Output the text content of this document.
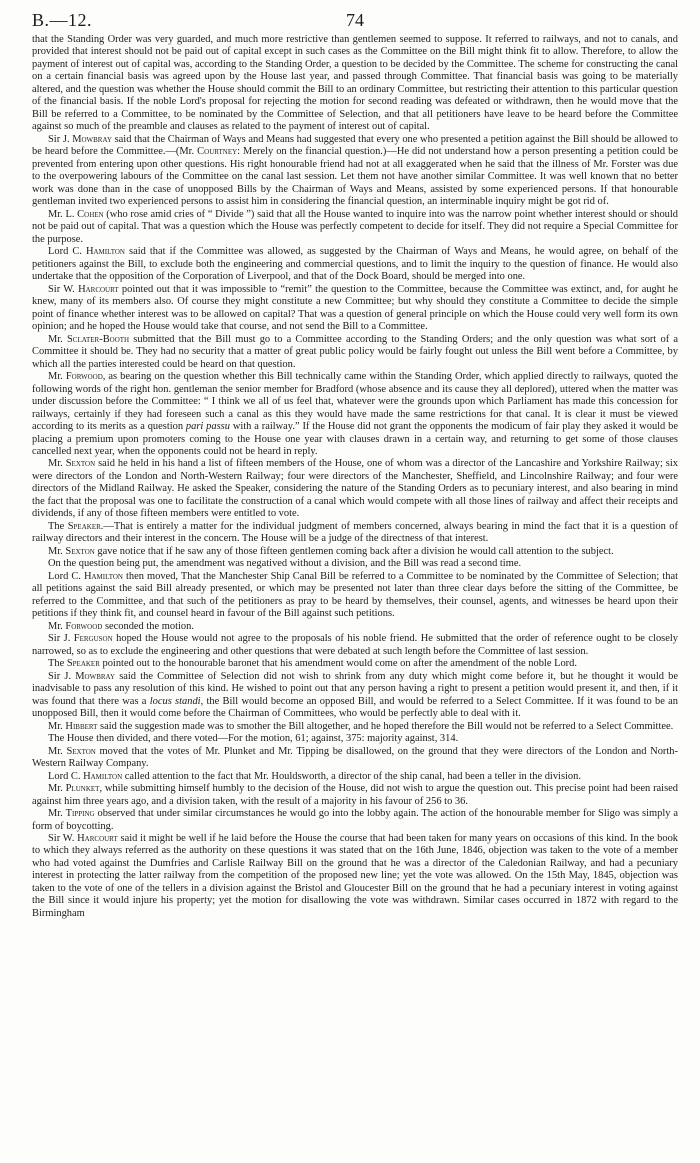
B.—12.	74

that the Standing Order was very guarded, and much more restrictive than gentlemen seemed to suppose. It referred to railways, and not to canals, and provided that interest should not be paid out of capital except in such cases as the Committee on the Bill might think fit to allow. Therefore, to allow the payment of interest out of capital was, according to the Standing Order, a question to be decided by the Committee. The scheme for constructing the canal on a certain financial basis was agreed upon by the House last year, and passed through Committee. That financial basis was going to be materially altered, and the question was whether the House should commit the Bill to an ordinary Committee, but restricting their attention to this particular question of the financial basis. If the noble Lord's proposal for rejecting the motion for second reading was defeated or withdrawn, then he would move that the Bill be referred to a Committee, to be nominated by the Committee of Selection, and that all petitioners have leave to be heard before the Committee against so much of the preamble and clauses as related to the payment of interest out of capital.

Sir J. Mowbray said that the Chairman of Ways and Means had suggested that every one who presented a petition against the Bill should be allowed to be heard before the Committee.—(Mr. Courtney: Merely on the financial question.)—He did not understand how a person presenting a petition could be prevented from entering upon other questions. His right honourable friend had not at all exaggerated when he said that the illness of Mr. Forster was due to the overpowering labours of the Committee on the canal last session. Let them not have another similar Committee. It was well known that no better work was done than in the case of unopposed Bills by the Chairman of Ways and Means, assisted by some experienced persons. If that honourable gentleman invited two experienced persons to assist him in considering the financial question, an interminable inquiry might be got rid of.

Mr. L. Cohen (who rose amid cries of “ Divide ”) said that all the House wanted to inquire into was the narrow point whether interest should or should not be paid out of capital. That was a question which the House was perfectly competent to decide for itself. They did not require a Special Committee for the purpose.

Lord C. Hamilton said that if the Committee was allowed, as suggested by the Chairman of Ways and Means, he would agree, on behalf of the petitioners against the Bill, to exclude both the engineering and commercial questions, and to limit the inquiry to the question of finance. He would also undertake that the opposition of the Corporation of Liverpool, and that of the Dock Board, should be merged into one.

Sir W. Harcourt pointed out that it was impossible to “remit” the question to the Committee, because the Committee was extinct, and, for aught he knew, many of its members also. Of course they might constitute a new Committee; but why should they constitute a Committee to decide the simple point of finance whether interest was to be allowed on capital? That was a question of general principle on which the House could very well form its own opinion; and he hoped the House would take that course, and not send the Bill to a Committee.

Mr. Sclater-Booth submitted that the Bill must go to a Committee according to the Standing Orders; and the only question was what sort of a Committee it should be. They had no security that a matter of great public policy would be fairly fought out unless the Bill went before a Committee, by which all the parties interested could be heard on that question.

Mr. Forwood, as bearing on the question whether this Bill technically came within the Standing Order, which applied directly to railways, quoted the following words of the right hon. gentleman the senior member for Bradford (whose absence and its cause they all deplored), uttered when the matter was under discussion before the Committee: “ I think we all of us feel that, whatever were the grounds upon which Parliament has made this concession for railways, certainly if they had foreseen such a canal as this they would have made the same restrictions for that canal. It is clear it must be viewed according to its merits as a question pari passu with a railway.” If the House did not grant the opponents the modicum of fair play they asked it would be placing a premium upon promoters coming to the House one year with clauses drawn in a certain way, and returning to get some of those clauses cancelled next year, when the opponents could not be heard in reply.

Mr. Sexton said he held in his hand a list of fifteen members of the House, one of whom was a director of the Lancashire and Yorkshire Railway; six were directors of the London and North-Western Railway; four were directors of the Manchester, Sheffield, and Lincolnshire Railway; and four were directors of the Midland Railway. He asked the Speaker, considering the nature of the Standing Orders as to pecuniary interest, and also bearing in mind the fact that the proposal was one to facilitate the construction of a canal which would compete with all those lines of railway and affect their receipts and dividends, if any of those fifteen members were entitled to vote.

The Speaker.—That is entirely a matter for the individual judgment of members concerned, always bearing in mind the fact that it is a question of railway directors and their interest in the concern. The House will be a judge of the directness of that interest.

Mr. Sexton gave notice that if he saw any of those fifteen gentlemen coming back after a division he would call attention to the subject.

On the question being put, the amendment was negatived without a division, and the Bill was read a second time.

Lord C. Hamilton then moved, That the Manchester Ship Canal Bill be referred to a Committee to be nominated by the Committee of Selection; that all petitions against the said Bill already presented, or which may be presented not later than three clear days before the sitting of the Committee, be referred to the Committee, and that such of the petitioners as pray to be heard by themselves, their counsel, agents, and witnesses be heard upon their petitions if they think fit, and counsel heard in favour of the Bill against such petitions.

Mr. Forwood seconded the motion.

Sir J. Ferguson hoped the House would not agree to the proposals of his noble friend. He submitted that the order of reference ought to be closely narrowed, so as to exclude the engineering and other questions that were debated at such length before the Committee of last session.

The Speaker pointed out to the honourable baronet that his amendment would come on after the amendment of the noble Lord.

Sir J. Mowbray said the Committee of Selection did not wish to shrink from any duty which might come before it, but he thought it would be inadvisable to pass any resolution of this kind. He wished to point out that any person having a right to present a petition would present it, and then, if it was found that there was a locus standi, the Bill would become an opposed Bill, and would be referred to a Select Committee. If it was found to be an unopposed Bill, then it would come before the Chairman of Committees, who would be perfectly able to deal with it.

Mr. Hibbert said the suggestion made was to smother the Bill altogether, and he hoped therefore the Bill would not be referred to a Select Committee.

The House then divided, and there voted—For the motion, 61; against, 375: majority against, 314.

Mr. Sexton moved that the votes of Mr. Plunket and Mr. Tipping be disallowed, on the ground that they were directors of the London and North-Western Railway Company.

Lord C. Hamilton called attention to the fact that Mr. Houldsworth, a director of the ship canal, had been a teller in the division.

Mr. Plunket, while submitting himself humbly to the decision of the House, did not wish to argue the question out. This precise point had been raised against him three years ago, and a division taken, with the result of a majority in his favour of 256 to 36.

Mr. Tipping observed that under similar circumstances he would go into the lobby again. The action of the honourable member for Sligo was simply a form of boycotting.

Sir W. Harcourt said it might be well if he laid before the House the course that had been taken for many years on occasions of this kind. In the book to which they always referred as the authority on these questions it was stated that on the 16th June, 1846, objection was taken to the vote of a member who had voted against the Dumfries and Carlisle Railway Bill on the ground that he was a director of the Caledonian Railway, and had a pecuniary interest in protecting the latter railway from the competition of the proposed new line; yet the vote was allowed. On the 15th May, 1845, objection was taken to the vote of one of the tellers in a division against the Bristol and Gloucester Bill on the ground that he had a pecuniary interest in voting against the Bill since it would injure his property; yet the motion for disallowing the vote was withdrawn. Similar cases occurred in 1872 with regard to the Birmingham
